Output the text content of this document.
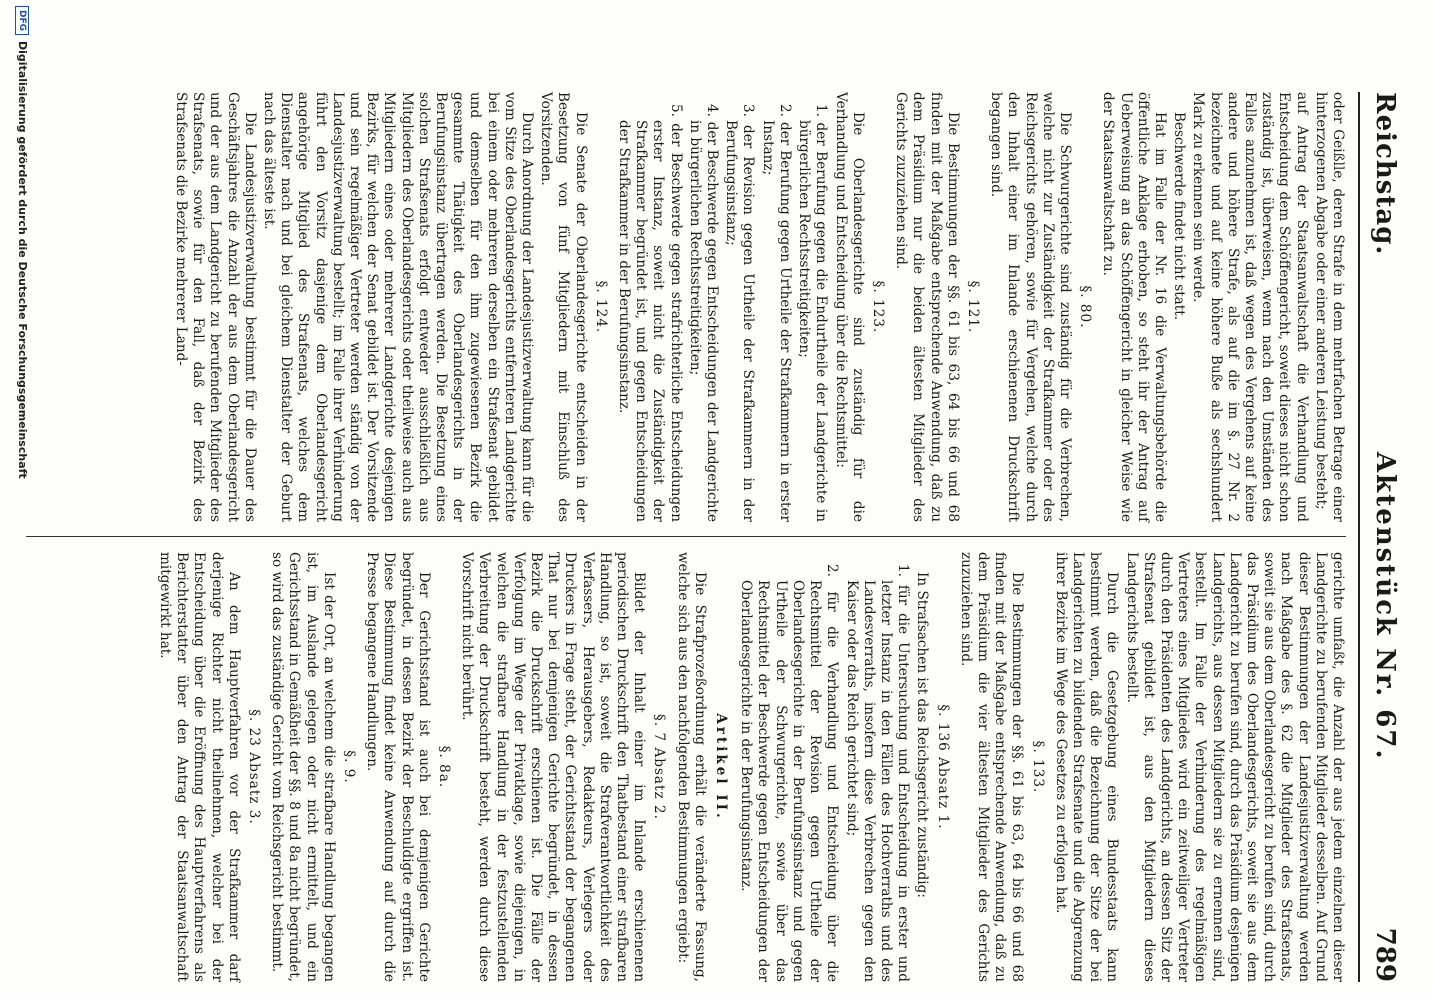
Reichstag.
Aktenstück Nr. 67.
789

oder Geißlle, deren Strafe in dem mehrfachen Betrage einer hinterzogenen Abgabe oder einer anderen Leistung besteht;

auf Antrag der Staatsanwaltschaft die Verhandlung und Entscheidung dem Schöffengericht, soweit dieses nicht schon zuständig ist, überweisen, wenn nach den Umständen des Falles anzunehmen ist, daß wegen des Vergehens auf keine andere und höhere Strafe, als auf die im §. 27 Nr. 2 bezeichnete und auf keine höhere Buße als sechshundert Mark zu erkennen sein werde.

Beschwerde findet nicht statt.

Hat im Falle der Nr. 16 die Verwaltungsbehörde die öffentliche Anklage erhoben, so steht ihr der Antrag auf Ueberweisung an das Schöffengericht in gleicher Weise wie der Staatsanwaltschaft zu.

§. 80.

Die Schwurgerichte sind zuständig für die Verbrechen, welche nicht zur Zuständigkeit der Strafkammer oder des Reichsgerichts gehören, sowie für Vergehen, welche durch den Inhalt einer im Inlande erschienenen Druckschrift begangen sind.

§. 121.

Die Bestimmungen der §§. 61 bis 63, 64 bis 66 und 68 finden mit der Maßgabe entsprechende Anwendung, daß zu dem Präsidium nur die beiden ältesten Mitglieder des Gerichts zuzuziehen sind.

§. 123.

Die Oberlandesgerichte sind zuständig für die Verhandlung und Entscheidung über die Rechtsmittel:

1. der Berufung gegen die Endurtheile der Landgerichte in bürgerlichen Rechtsstreitigkeiten;

2. der Berufung gegen Urtheile der Strafkammern in erster Instanz;

3. der Revision gegen Urtheile der Strafkammern in der Berufungsinstanz;

4. der Beschwerde gegen Entscheidungen der Landgerichte in bürgerlichen Rechtsstreitigkeiten;

5. der Beschwerde gegen strafrichterliche Entscheidungen erster Instanz, soweit nicht die Zuständigkeit der Strafkammer begründet ist, und gegen Entscheidungen der Strafkammer in der Berufungsinstanz.

§. 124.

Die Senate der Oberlandesgerichte entscheiden in der Besetzung von fünf Mitgliedern mit Einschluß des Vorsitzenden.

Durch Anordnung der Landesjustizverwaltung kann für die vom Sitze des Oberlandesgerichts entfernteren Landgerichte bei einem oder mehreren derselben ein Strafsenat gebildet und demselben für den ihm zugewiesenen Bezirk die gesammte Thätigkeit des Oberlandesgerichts in der Berufungsinstanz übertragen werden. Die Besetzung eines solchen Strafsenats erfolgt entweder ausschließlich aus Mitgliedern des Oberlandesgerichts oder theilweise auch aus Mitgliedern eines oder mehrerer Landgerichte desjenigen Bezirks, für welchen der Senat gebildet ist. Der Vorsitzende und sein regelmäßiger Vertreter werden ständig von der Landesjustizverwaltung bestellt; im Falle ihrer Verhinderung führt den Vorsitz dasjenige dem Oberlandesgericht angehörige Mitglied des Strafsenats, welches dem Dienstalter nach und bei gleichem Dienstalter der Geburt nach das älteste ist.

Die Landesjustizverwaltung bestimmt für die Dauer des Geschäftsjahres die Anzahl der aus dem Oberlandesgericht und der aus dem Landgericht zu berufenden Mitglieder des Strafsenats, sowie für den Fall, daß der Bezirk des Strafsenats die Bezirke mehrerer Land-

gerichte umfaßt, die Anzahl der aus jedem einzelnen dieser Landgerichte zu berufenden Mitglieder desselben. Auf Grund dieser Bestimmungen der Landesjustizverwaltung werden nach Maßgabe des §. 62 die Mitglieder des Strafsenats, soweit sie aus dem Oberlandesgericht zu berufen sind, durch das Präsidium des Oberlandesgerichts, soweit sie aus dem Landgericht zu berufen sind, durch das Präsidium desjenigen Landgerichts, aus dessen Mitgliedern sie zu ernennen sind, bestellt. Im Falle der Verhinderung des regelmäßigen Vertreters eines Mitgliedes wird ein zeitweiliger Vertreter durch den Präsidenten des Landgerichts, an dessen Sitz der Strafsenat gebildet ist, aus den Mitgliedern dieses Landgerichts bestellt.

Durch die Gesetzgebung eines Bundesstaats kann bestimmt werden, daß die Bezeichnung der Sitze der bei Landgerichten zu bildenden Strafsenate und die Abgrenzung ihrer Bezirke im Wege des Gesetzes zu erfolgen hat.

§. 133.

Die Bestimmungen der §§. 61 bis 63, 64 bis 66 und 68 finden mit der Maßgabe entsprechende Anwendung, daß zu dem Präsidium die vier ältesten Mitglieder des Gerichts zuzuziehen sind.

§. 136 Absatz 1.

In Strafsachen ist das Reichsgericht zuständig:

1. für die Untersuchung und Entscheidung in erster und letzter Instanz in den Fällen des Hochverraths und des Landesverraths, insofern diese Verbrechen gegen den Kaiser oder das Reich gerichtet sind;

2. für die Verhandlung und Entscheidung über die Rechtsmittel der Revision gegen Urtheile der Oberlandesgerichte in der Berufungsinstanz und gegen Urtheile der Schwurgerichte, sowie über das Rechtsmittel der Beschwerde gegen Entscheidungen der Oberlandesgerichte in der Berufungsinstanz.

Artikel II.

Die Strafprozeßordnung erhält die veränderte Fassung, welche sich aus den nachfolgenden Bestimmungen ergiebt:

§. 7 Absatz 2.

Bildet der Inhalt einer im Inlande erschienenen periodischen Druckschrift den Thatbestand einer strafbaren Handlung, so ist, soweit die Strafverantwortlichkeit des Verfassers, Herausgebers, Redakteurs, Verlegers oder Druckers in Frage steht, der Gerichtsstand der begangenen That nur bei demjenigen Gerichte begründet, in dessen Bezirk die Druckschrift erschienen ist. Die Fälle der Verfolgung im Wege der Privatklage, sowie diejenigen, in welchen die strafbare Handlung in der festzustellenden Verbreitung der Druckschrift besteht, werden durch diese Vorschrift nicht berührt.

§. 8a.

Der Gerichtsstand ist auch bei demjenigen Gerichte begründet, in dessen Bezirk der Beschuldigte ergriffen ist. Diese Bestimmung findet keine Anwendung auf durch die Presse begangene Handlungen.

§. 9.

Ist der Ort, an welchem die strafbare Handlung begangen ist, im Auslande gelegen oder nicht ermittelt, und ein Gerichtsstand in Gemäßheit der §§. 8 und 8a nicht begründet, so wird das zuständige Gericht vom Reichsgericht bestimmt.

§. 23 Absatz 3.

An dem Hauptverfahren vor der Strafkammer darf derjenige Richter nicht theilnehmen, welcher bei der Entscheidung über die Eröffnung des Hauptverfahrens als Berichterstatter über den Antrag der Staatsanwaltschaft mitgewirkt hat.

DFGDigitalisierung gefördert durch die Deutsche Forschungsgemeinschaft
